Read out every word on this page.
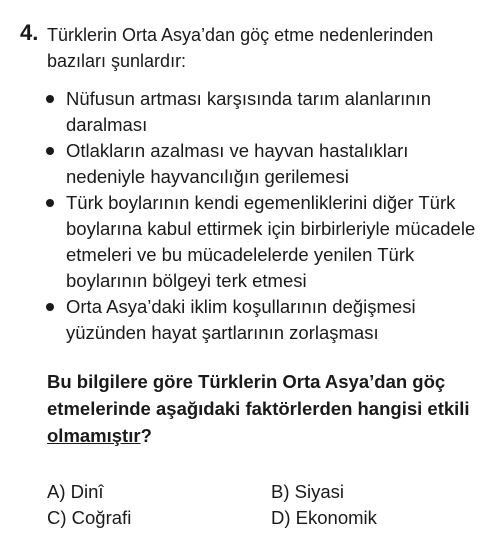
4. Türklerin Orta Asya’dan göç etme nedenlerinden bazıları şunlardır:
Nüfusun artması karşısında tarım alanlarının daralması
Otlakların azalması ve hayvan hastalıkları nedeniyle hayvancılığın gerilemesi
Türk boylarının kendi egemenliklerini diğer Türk boylarına kabul ettirmek için birbirleriyle mücadele etmeleri ve bu mücadelelerde yenilen Türk boylarının bölgeyi terk etmesi
Orta Asya’daki iklim koşullarının değişmesi yüzünden hayat şartlarının zorlaşması
Bu bilgilere göre Türklerin Orta Asya’dan göç etmelerinde aşağıdaki faktörlerden hangisi etkili olmamıştır?
A) Dinî	B) Siyasi
C) Coğrafi	D) Ekonomik
